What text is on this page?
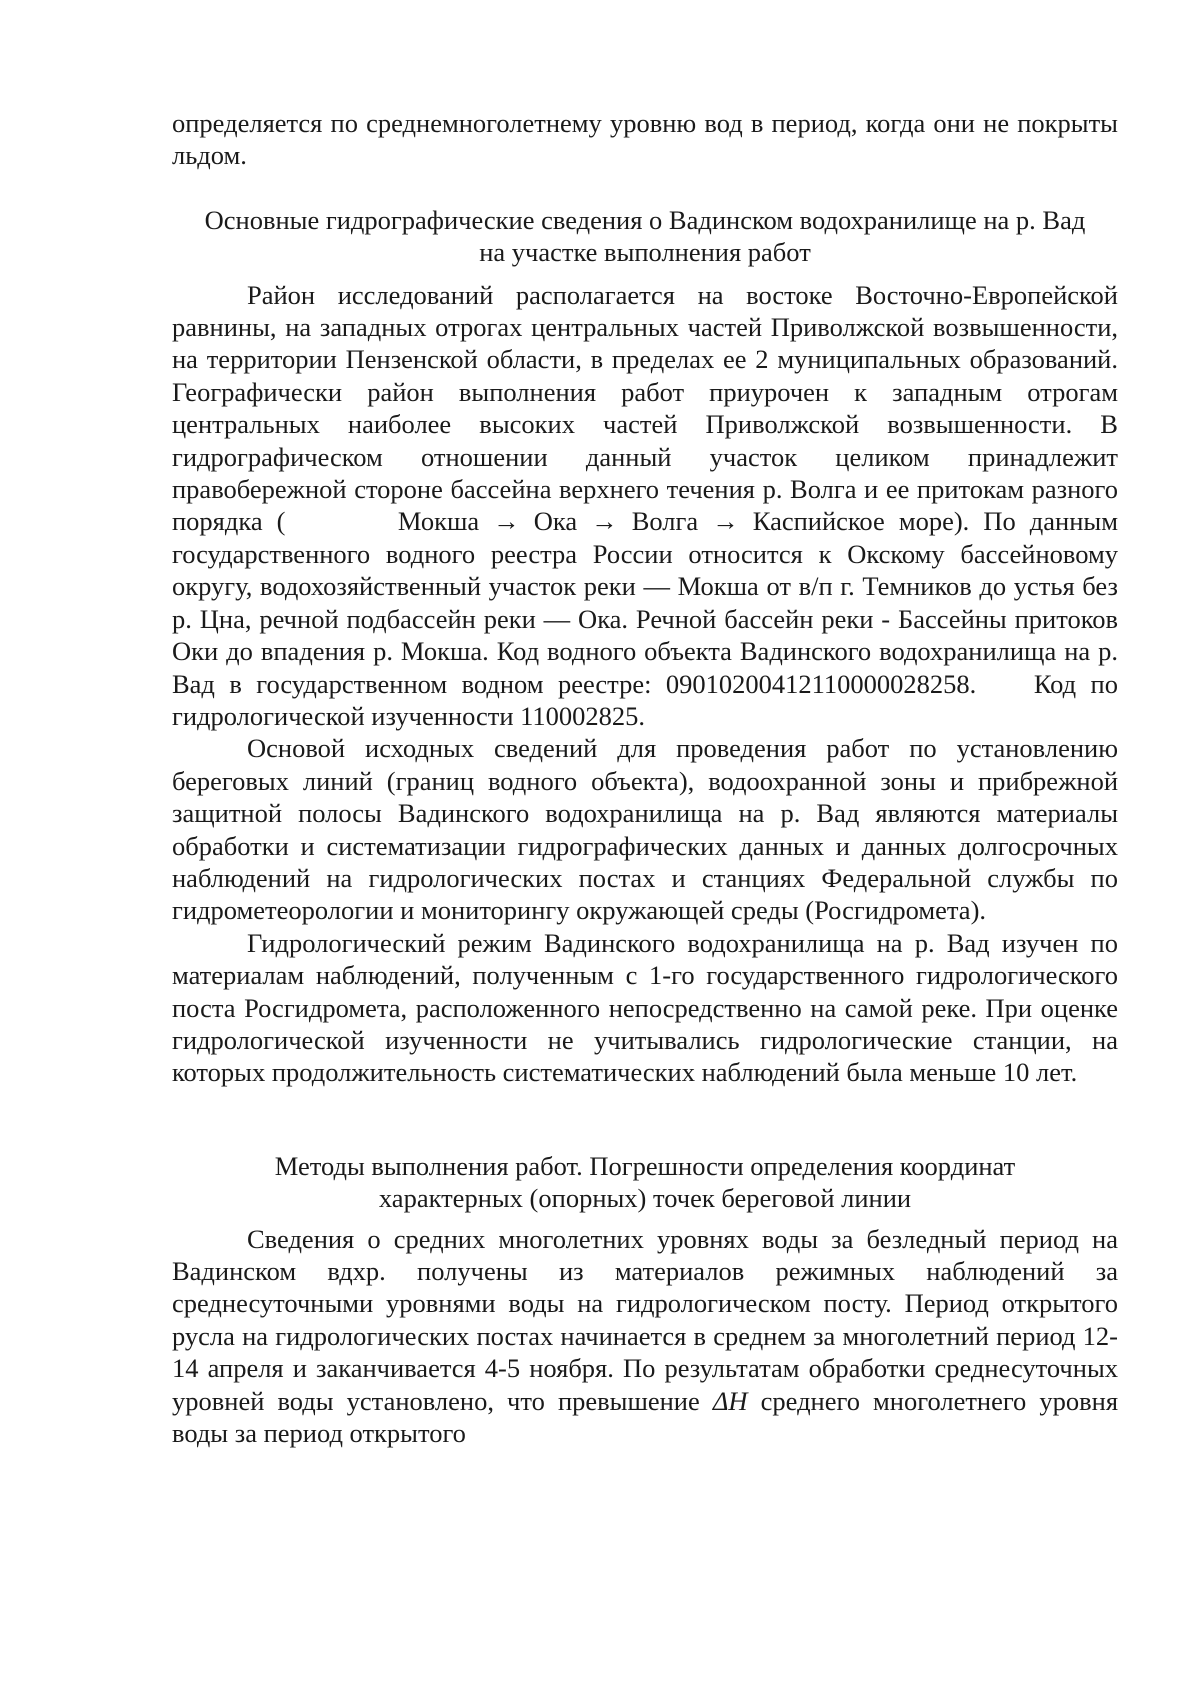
определяется по среднемноголетнему уровню вод в период, когда они не покрыты льдом.

Основные гидрографические сведения о Вадинском водохранилище на р. Вад
на участке выполнения работ

Район исследований располагается на востоке Восточно-Европейской равнины, на западных отрогах центральных частей Приволжской возвышенности, на территории Пензенской области, в пределах ее 2 муниципальных образований. Географически район выполнения работ приурочен к западным отрогам центральных наиболее высоких частей Приволжской возвышенности. В гидрографическом отношении данный участок целиком принадлежит правобережной стороне бассейна верхнего течения р. Волга и ее притокам разного порядка (        Мокша → Ока → Волга → Каспийское море). По данным государственного водного реестра России относится к Окскому бассейновому округу, водохозяйственный участок реки — Мокша от в/п г. Темников до устья без р. Цна, речной подбассейн реки — Ока. Речной бассейн реки - Бассейны притоков Оки до впадения р. Мокша. Код водного объекта Вадинского водохранилища на р. Вад в государственном водном реестре: 09010200412110000028258.    Код по гидрологической изученности 110002825.

Основой исходных сведений для проведения работ по установлению береговых линий (границ водного объекта), водоохранной зоны и прибрежной защитной полосы Вадинского водохранилища на р. Вад являются материалы обработки и систематизации гидрографических данных и данных долгосрочных наблюдений на гидрологических постах и станциях Федеральной службы по гидрометеорологии и мониторингу окружающей среды (Росгидромета).

Гидрологический режим Вадинского водохранилища на р. Вад изучен по материалам наблюдений, полученным с 1-го государственного гидрологического поста Росгидромета, расположенного непосредственно на самой реке. При оценке гидрологической изученности не учитывались гидрологические станции, на которых продолжительность систематических наблюдений была меньше 10 лет.

Методы выполнения работ. Погрешности определения координат
характерных (опорных) точек береговой линии

Сведения о средних многолетних уровнях воды за безледный период на Вадинском вдхр. получены из материалов режимных наблюдений за среднесуточными уровнями воды на гидрологическом посту. Период открытого русла на гидрологических постах начинается в среднем за многолетний период 12-14 апреля и заканчивается 4-5 ноября. По результатам обработки среднесуточных уровней воды установлено, что превышение ΔH среднего многолетнего уровня воды за период открытого
